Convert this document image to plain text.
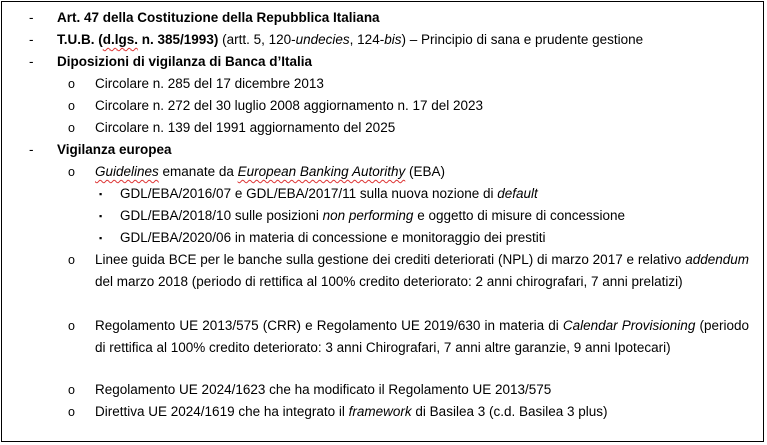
- Art. 47 della Costituzione della Repubblica Italiana
- T.U.B. (d.lgs. n. 385/1993) (artt. 5, 120-undecies, 124-bis) – Principio di sana e prudente gestione
- Diposizioni di vigilanza di Banca d’Italia
o Circolare n. 285 del 17 dicembre 2013
o Circolare n. 272 del 30 luglio 2008 aggiornamento n. 17 del 2023
o Circolare n. 139 del 1991 aggiornamento del 2025
- Vigilanza europea
o Guidelines emanate da European Banking Autorithy (EBA)
▪ GDL/EBA/2016/07 e GDL/EBA/2017/11 sulla nuova nozione di default
▪ GDL/EBA/2018/10 sulle posizioni non performing e oggetto di misure di concessione
▪ GDL/EBA/2020/06 in materia di concessione e monitoraggio dei prestiti
o Linee guida BCE per le banche sulla gestione dei crediti deteriorati (NPL) di marzo 2017 e relativo addendum del marzo 2018 (periodo di rettifica al 100% credito deteriorato: 2 anni chirografari, 7 anni prelatizi)
o Regolamento UE 2013/575 (CRR) e Regolamento UE 2019/630 in materia di Calendar Provisioning (periodo di rettifica al 100% credito deteriorato: 3 anni Chirografari, 7 anni altre garanzie, 9 anni Ipotecari)
o Regolamento UE 2024/1623 che ha modificato il Regolamento UE 2013/575
o Direttiva UE 2024/1619 che ha integrato il framework di Basilea 3 (c.d. Basilea 3 plus)
